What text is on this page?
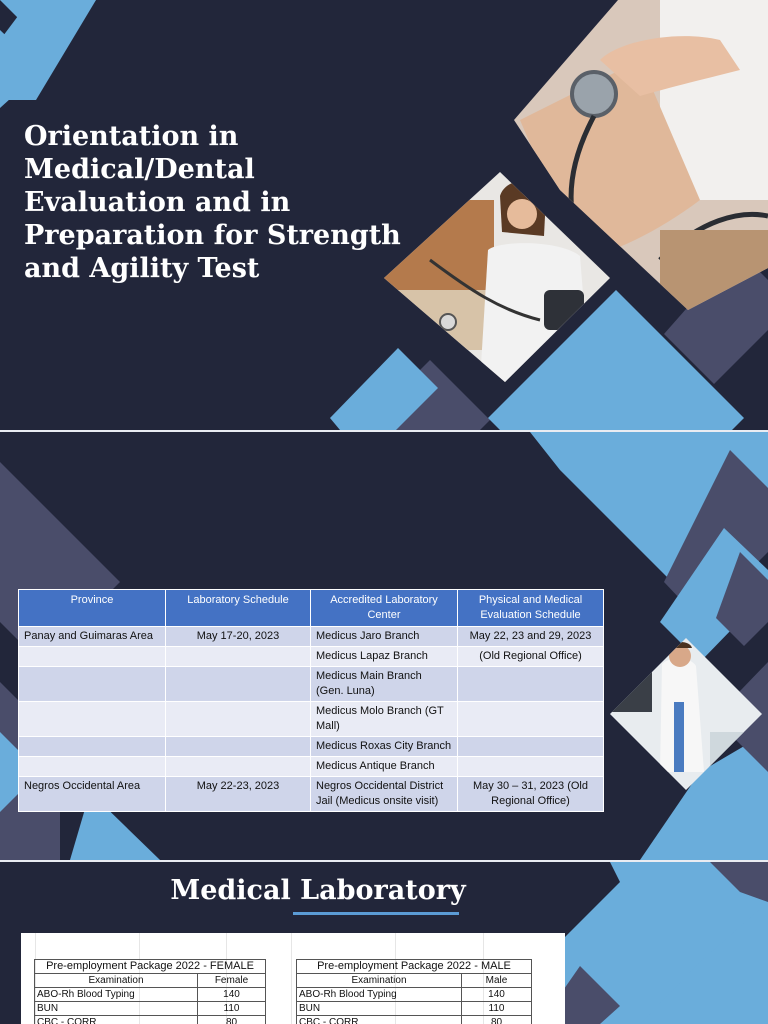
Orientation in Medical/Dental Evaluation and in Preparation for Strength and Agility Test
Province	Laboratory Schedule	Accredited Laboratory Center	Physical and Medical Evaluation Schedule
Panay and Guimaras Area	May 17-20, 2023	Medicus Jaro Branch	May 22, 23 and 29, 2023
		Medicus Lapaz Branch	(Old Regional Office)
		Medicus Main Branch (Gen. Luna)	
		Medicus Molo Branch (GT Mall)	
		Medicus Roxas City Branch	
		Medicus Antique Branch	
Negros Occidental Area	May 22-23, 2023	Negros Occidental District Jail (Medicus onsite visit)	May 30 – 31, 2023 (Old Regional Office)
Medical Laboratory
Pre-employment Package 2022 - FEMALE	
Examination	Female
ABO-Rh Blood Typing	140
BUN	110
CBC - CORR	80
Pre-employment Package 2022 - MALE	
Examination	Male
ABO-Rh Blood Typing	140
BUN	110
CBC - CORR	80
